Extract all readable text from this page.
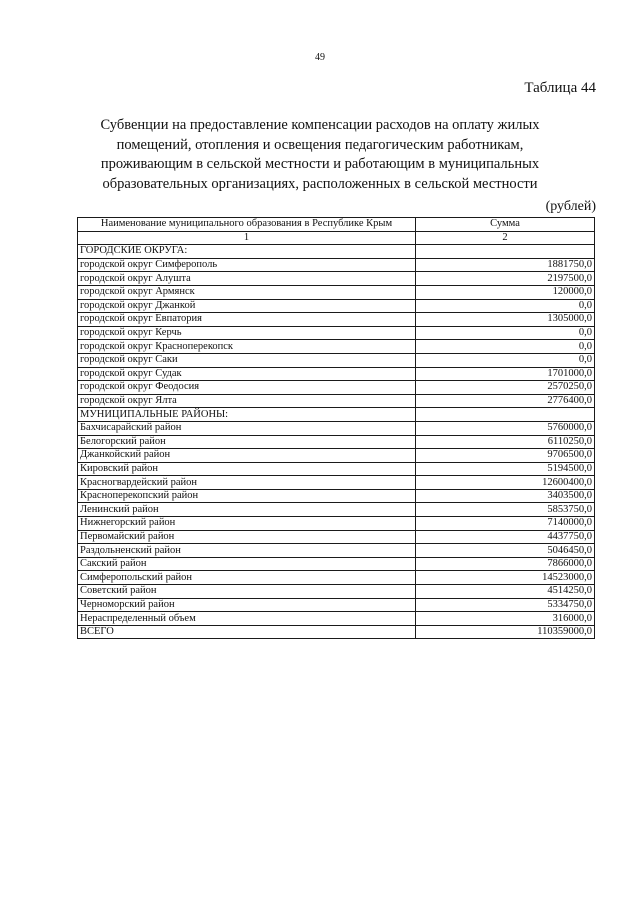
49
Таблица 44
Субвенции на предоставление компенсации расходов на оплату жилых
помещений, отопления и освещения педагогическим работникам,
проживающим в сельской местности и работающим в муниципальных
образовательных организациях, расположенных в сельской местности
(рублей)
Наименование муниципального образования в Республике Крым	Сумма
1	2
ГОРОДСКИЕ ОКРУГА:	
городской округ Симферополь	1881750,0
городской округ Алушта	2197500,0
городской округ Армянск	120000,0
городской округ Джанкой	0,0
городской округ Евпатория	1305000,0
городской округ Керчь	0,0
городской округ Красноперекопск	0,0
городской округ Саки	0,0
городской округ Судак	1701000,0
городской округ Феодосия	2570250,0
городской округ Ялта	2776400,0
МУНИЦИПАЛЬНЫЕ РАЙОНЫ:	
Бахчисарайский район	5760000,0
Белогорский район	6110250,0
Джанкойский район	9706500,0
Кировский район	5194500,0
Красногвардейский район	12600400,0
Красноперекопский район	3403500,0
Ленинский район	5853750,0
Нижнегорский район	7140000,0
Первомайский район	4437750,0
Раздольненский район	5046450,0
Сакский район	7866000,0
Симферопольский район	14523000,0
Советский район	4514250,0
Черноморский район	5334750,0
Нераспределенный объем	316000,0
ВСЕГО	110359000,0
